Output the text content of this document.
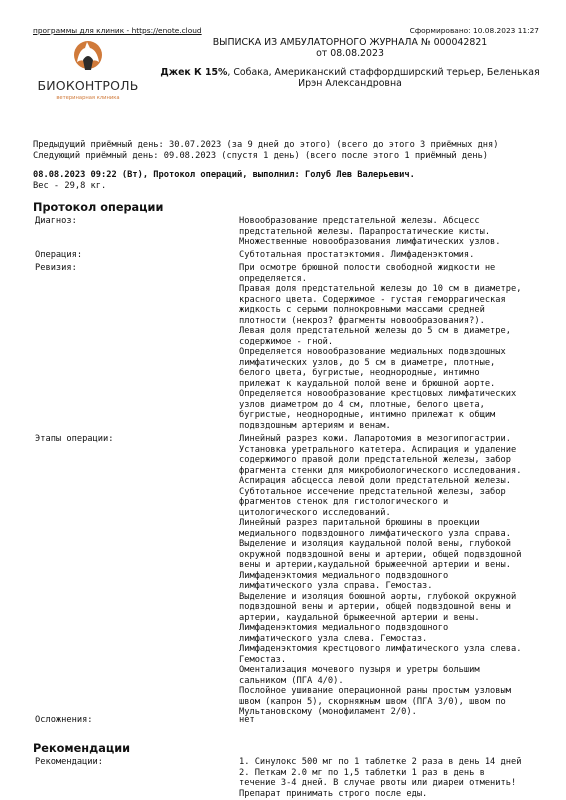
программы для клиник - https://enote.cloud	Сформировано: 10.08.2023 11:27
БИОКОНТРОЛЬ
ветеринарная клиника
ВЫПИСКА ИЗ АМБУЛАТОРНОГО ЖУРНАЛА № 000042821
от 08.08.2023
Джек К 15%, Собака, Американский стаффордширский терьер, Беленькая
Ирэн Александровна
Предыдущий приёмный день: 30.07.2023 (за 9 дней до этого) (всего до этого 3 приёмных дня)
Следующий приёмный день: 09.08.2023 (спустя 1 день) (всего после этого 1 приёмный день)
08.08.2023 09:22 (Вт), Протокол операций, выполнил: Голуб Лев Валерьевич.
Вес - 29,8 кг.
Протокол операции
Диагноз:	Новообразование предстательной железы. Абсцесс
предстательной железы. Парапростатические кисты.
Множественные новообразования лимфатических узлов.
Операция:	Субтотальная простатэктомия. Лимфаденэктомия.
Ревизия:	При осмотре брюшной полости свободной жидкости не
определяется.
Правая доля предстательной железы до 10 см в диаметре,
красного цвета. Содержимое - густая геморрагическая
жидкость с серыми полнокровными массами средней
плотности (некроз? фрагменты новообразования?).
Левая доля предстательной железы до 5 см в диаметре,
содержимое - гной.
Определяется новообразование медиальных подвздошных
лимфатических узлов, до 5 см в диаметре, плотные,
белого цвета, бугристые, неоднородные, интимно
прилежат к каудальной полой вене и брюшной аорте.
Определяется новообразование крестцовых лимфатических
узлов диаметром до 4 см, плотные, белого цвета,
бугристые, неоднородные, интимно прилежат к общим
подвздошным артериям и венам.
Этапы операции:	Линейный разрез кожи. Лапаротомия в мезогипогастрии.
Установка уретрального катетера. Аспирация и удаление
содержимого правой доли предстательной железы, забор
фрагмента стенки для микробиологического исследования.
Аспирация абсцесса левой доли предстательной железы.
Субтотальное иссечение предстательной железы, забор
фрагментов стенок для гистологического и
цитологического исследований.
Линейный разрез паритальной брюшины в проекции
медиального подвздошного лимфатического узла справа.
Выделение и изоляция каудальной полой вены, глубокой
окружной подвздошной вены и артерии, общей подвздошной
вены и артерии,каудальной брыжеечной артерии и вены.
Лимфаденэктомия медиального подвздошного
лимфатического узла справа. Гемостаз.
Выделение и изоляция боюшной аорты, глубокой окружной
подвздошной вены и артерии, общей подвздошной вены и
артерии, каудальной брыжеечной артерии и вены.
Лимфаденэктомия медиального подвздошного
лимфатического узла слева. Гемостаз.
Лимфаденэктомия крестцового лимфатического узла слева.
Гемостаз.
Оментализация мочевого пузыря и уретры большим
сальником (ПГА 4/0).
Послойное ушивание операционной раны простым узловым
швом (капрон 5), скорняжным швом (ПГА 3/0), швом по
Мультановскому (монофиламент 2/0).
Осложнения:	нет
Рекомендации
Рекомендации:	1. Синулокс 500 мг по 1 таблетке 2 раза в день 14 дней
2. Петкам 2.0 мг по 1,5 таблетки 1 раз в день в
течение 3-4 дней. В случае рвоты или диареи отменить!
Препарат принимать строго после еды.
